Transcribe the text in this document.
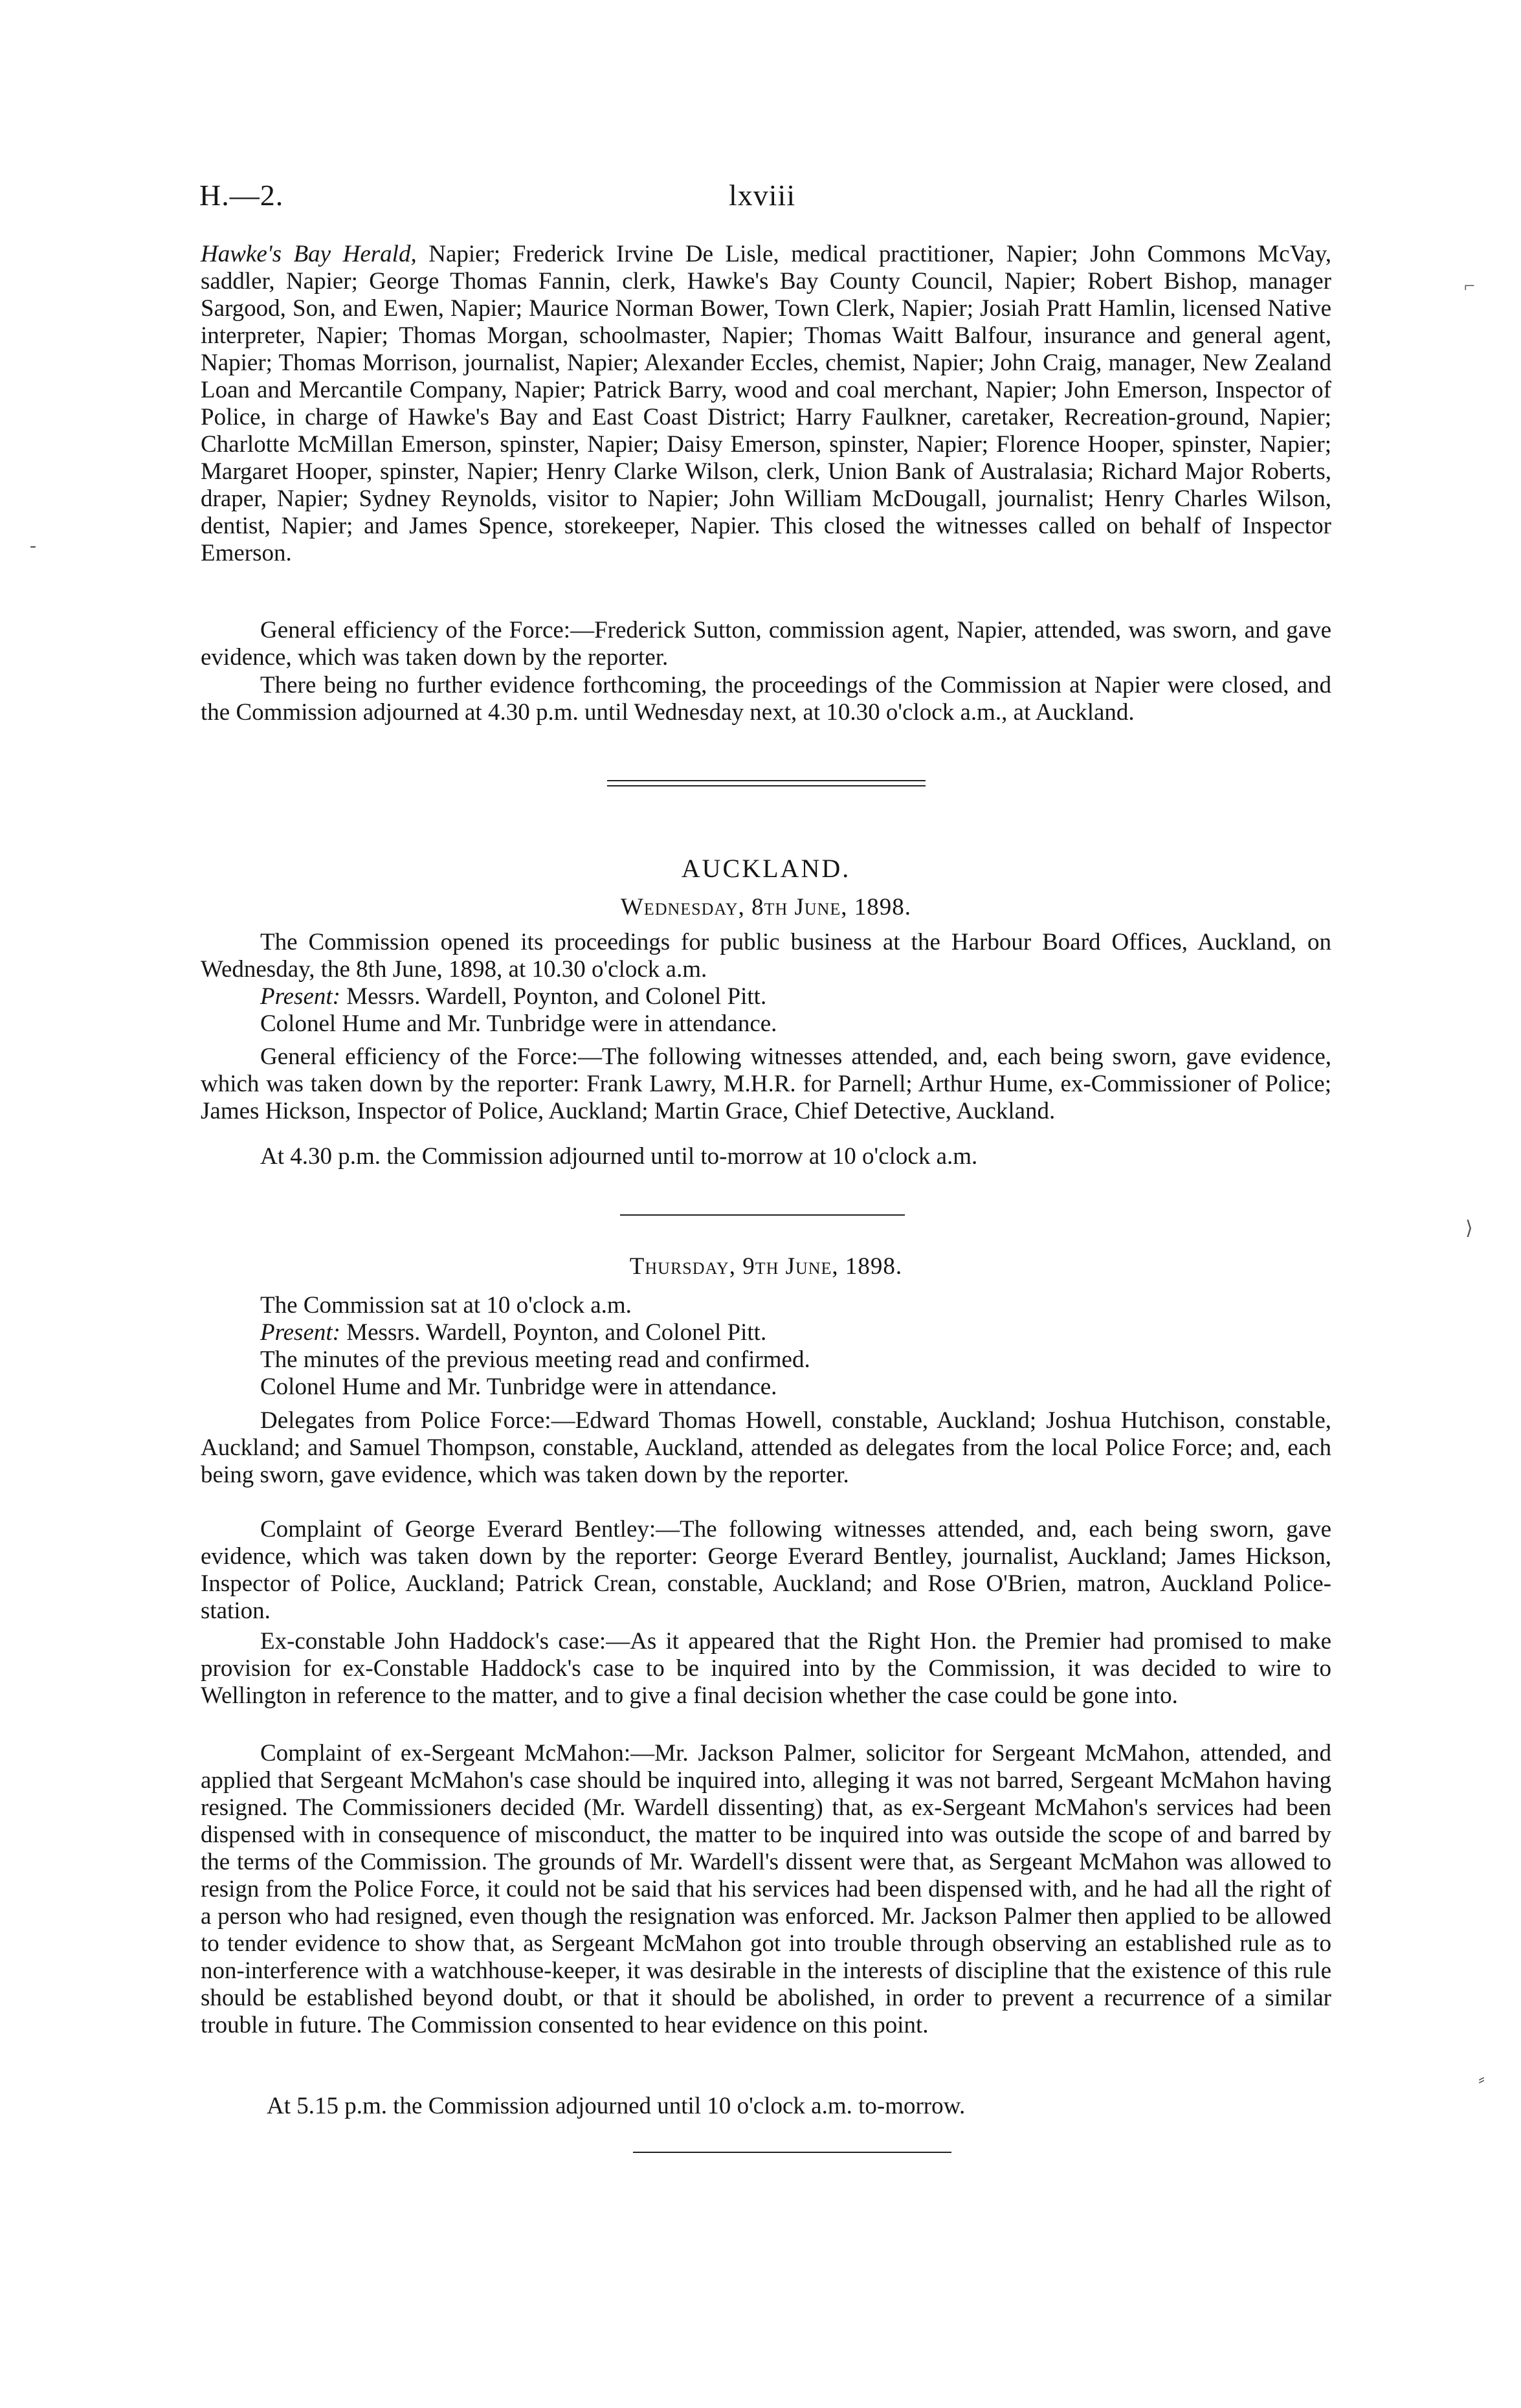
H.—2.	lxviii

Hawke's Bay Herald, Napier; Frederick Irvine De Lisle, medical practitioner, Napier; John Commons McVay, saddler, Napier; George Thomas Fannin, clerk, Hawke's Bay County Council, Napier; Robert Bishop, manager Sargood, Son, and Ewen, Napier; Maurice Norman Bower, Town Clerk, Napier; Josiah Pratt Hamlin, licensed Native interpreter, Napier; Thomas Morgan, schoolmaster, Napier; Thomas Waitt Balfour, insurance and general agent, Napier; Thomas Morrison, journalist, Napier; Alexander Eccles, chemist, Napier; John Craig, manager, New Zealand Loan and Mercantile Company, Napier; Patrick Barry, wood and coal merchant, Napier; John Emerson, Inspector of Police, in charge of Hawke's Bay and East Coast District; Harry Faulkner, caretaker, Recreation-ground, Napier; Charlotte McMillan Emerson, spinster, Napier; Daisy Emerson, spinster, Napier; Florence Hooper, spinster, Napier; Margaret Hooper, spinster, Napier; Henry Clarke Wilson, clerk, Union Bank of Australasia; Richard Major Roberts, draper, Napier; Sydney Reynolds, visitor to Napier; John William McDougall, journalist; Henry Charles Wilson, dentist, Napier; and James Spence, storekeeper, Napier. This closed the witnesses called on behalf of Inspector Emerson.

General efficiency of the Force:—Frederick Sutton, commission agent, Napier, attended, was sworn, and gave evidence, which was taken down by the reporter.

There being no further evidence forthcoming, the proceedings of the Commission at Napier were closed, and the Commission adjourned at 4.30 p.m. until Wednesday next, at 10.30 o'clock a.m., at Auckland.

AUCKLAND.
Wednesday, 8th June, 1898.

The Commission opened its proceedings for public business at the Harbour Board Offices, Auckland, on Wednesday, the 8th June, 1898, at 10.30 o'clock a.m.

Present: Messrs. Wardell, Poynton, and Colonel Pitt.

Colonel Hume and Mr. Tunbridge were in attendance.

General efficiency of the Force:—The following witnesses attended, and, each being sworn, gave evidence, which was taken down by the reporter: Frank Lawry, M.H.R. for Parnell; Arthur Hume, ex-Commissioner of Police; James Hickson, Inspector of Police, Auckland; Martin Grace, Chief Detective, Auckland.

At 4.30 p.m. the Commission adjourned until to-morrow at 10 o'clock a.m.

Thursday, 9th June, 1898.

The Commission sat at 10 o'clock a.m.

Present: Messrs. Wardell, Poynton, and Colonel Pitt.

The minutes of the previous meeting read and confirmed.

Colonel Hume and Mr. Tunbridge were in attendance.

Delegates from Police Force:—Edward Thomas Howell, constable, Auckland; Joshua Hutchison, constable, Auckland; and Samuel Thompson, constable, Auckland, attended as delegates from the local Police Force; and, each being sworn, gave evidence, which was taken down by the reporter.

Complaint of George Everard Bentley:—The following witnesses attended, and, each being sworn, gave evidence, which was taken down by the reporter: George Everard Bentley, journalist, Auckland; James Hickson, Inspector of Police, Auckland; Patrick Crean, constable, Auckland; and Rose O'Brien, matron, Auckland Police-station.

Ex-constable John Haddock's case:—As it appeared that the Right Hon. the Premier had promised to make provision for ex-Constable Haddock's case to be inquired into by the Commission, it was decided to wire to Wellington in reference to the matter, and to give a final decision whether the case could be gone into.

Complaint of ex-Sergeant McMahon:—Mr. Jackson Palmer, solicitor for Sergeant McMahon, attended, and applied that Sergeant McMahon's case should be inquired into, alleging it was not barred, Sergeant McMahon having resigned. The Commissioners decided (Mr. Wardell dissenting) that, as ex-Sergeant McMahon's services had been dispensed with in consequence of misconduct, the matter to be inquired into was outside the scope of and barred by the terms of the Commission. The grounds of Mr. Wardell's dissent were that, as Sergeant McMahon was allowed to resign from the Police Force, it could not be said that his services had been dispensed with, and he had all the right of a person who had resigned, even though the resignation was enforced. Mr. Jackson Palmer then applied to be allowed to tender evidence to show that, as Sergeant McMahon got into trouble through observing an established rule as to non-interference with a watchhouse-keeper, it was desirable in the interests of discipline that the existence of this rule should be established beyond doubt, or that it should be abolished, in order to prevent a recurrence of a similar trouble in future. The Commission consented to hear evidence on this point.

At 5.15 p.m. the Commission adjourned until 10 o'clock a.m. to-morrow.

⌐
-
⟩
⸗
